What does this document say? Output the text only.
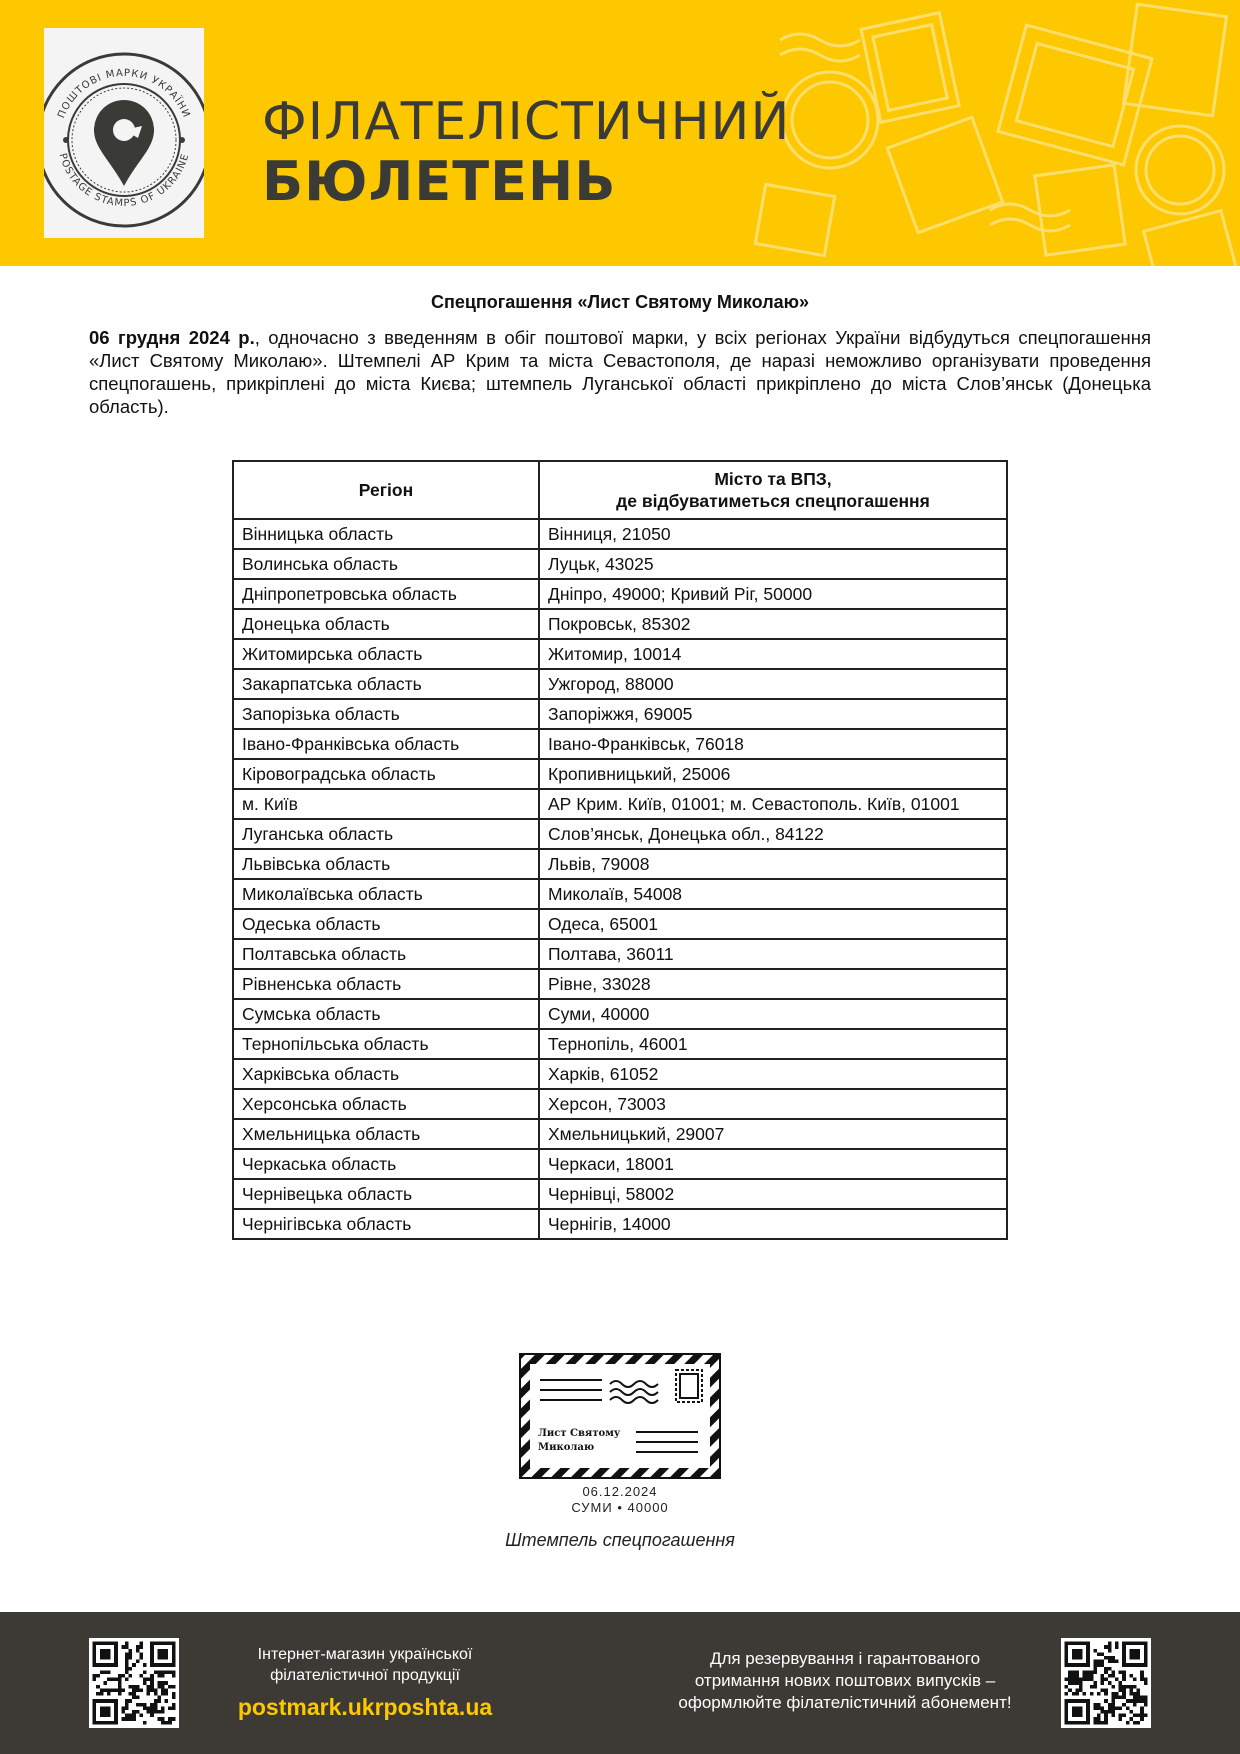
ПОШТОВІ МАРКИ УКРАЇНИ
POSTAGE STAMPS OF UKRAINE
ФІЛАТЕЛІСТИЧНИЙ
БЮЛЕТЕНЬ
Спецпогашення «Лист Святому Миколаю»
06 грудня 2024 р., одночасно з введенням в обіг поштової марки, у всіх регіонах України відбудуться спецпогашення «Лист Святому Миколаю». Штемпелі АР Крим та міста Севастополя, де наразі неможливо організувати проведення спецпогашень, прикріплені до міста Києва; штемпель Луганської області прикріплено до міста Слов’янськ (Донецька область).
Регіон	Місто та ВПЗ,
де відбуватиметься спецпогашення
Вінницька область	Вінниця, 21050
Волинська область	Луцьк, 43025
Дніпропетровська область	Дніпро, 49000; Кривий Ріг, 50000
Донецька область	Покровськ, 85302
Житомирська область	Житомир, 10014
Закарпатська область	Ужгород, 88000
Запорізька область	Запоріжжя, 69005
Івано-Франківська область	Івано-Франківськ, 76018
Кіровоградська область	Кропивницький, 25006
м. Київ	АР Крим. Київ, 01001; м. Севастополь. Київ, 01001
Луганська область	Слов’янськ, Донецька обл., 84122
Львівська область	Львів, 79008
Миколаївська область	Миколаїв, 54008
Одеська область	Одеса, 65001
Полтавська область	Полтава, 36011
Рівненська область	Рівне, 33028
Сумська область	Суми, 40000
Тернопільська область	Тернопіль, 46001
Харківська область	Харків, 61052
Херсонська область	Херсон, 73003
Хмельницька область	Хмельницький, 29007
Черкаська область	Черкаси, 18001
Чернівецька область	Чернівці, 58002
Чернігівська область	Чернігів, 14000
Лист Святому
Миколаю
06.12.2024
СУМИ • 40000
Штемпель спецпогашення
Інтернет-магазин української
філателістичної продукції
postmark.ukrposhta.ua
Для резервування і гарантованого
отримання нових поштових випусків –
оформлюйте філателістичний абонемент!
